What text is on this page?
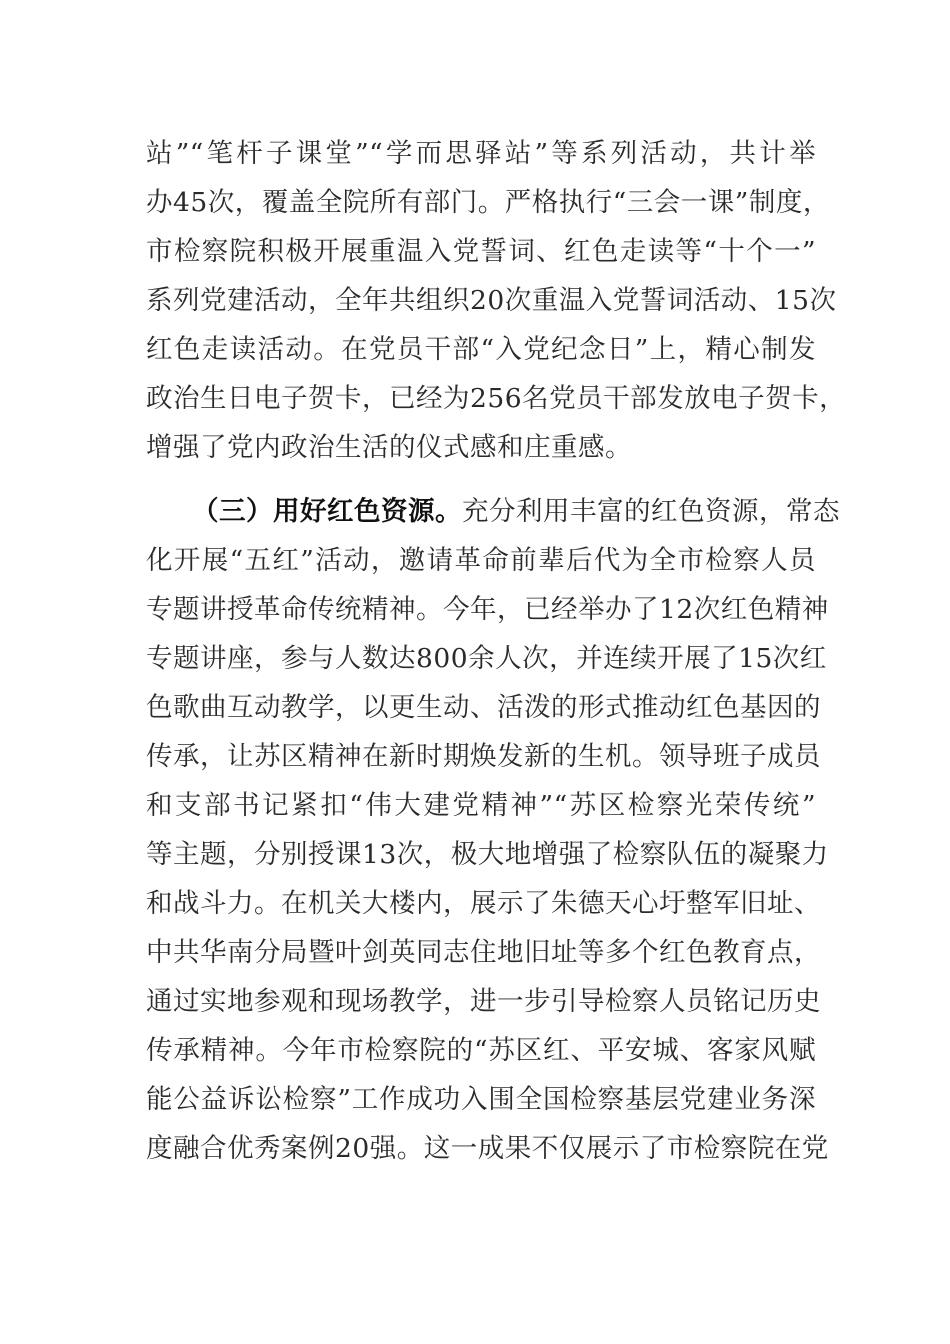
站”“笔杆子课堂”“学而思驿站”等系列活动，共计举
办45次，覆盖全院所有部门。严格执行“三会一课”制度，
市检察院积极开展重温入党誓词、红色走读等“十个一”
系列党建活动，全年共组织20次重温入党誓词活动、15次
红色走读活动。在党员干部“入党纪念日”上，精心制发
政治生日电子贺卡，已经为256名党员干部发放电子贺卡，
增强了党内政治生活的仪式感和庄重感。
（三）用好红色资源。充分利用丰富的红色资源，常态
化开展“五红”活动，邀请革命前辈后代为全市检察人员
专题讲授革命传统精神。今年，已经举办了12次红色精神
专题讲座，参与人数达800余人次，并连续开展了15次红
色歌曲互动教学，以更生动、活泼的形式推动红色基因的
传承，让苏区精神在新时期焕发新的生机。领导班子成员
和支部书记紧扣“伟大建党精神”“苏区检察光荣传统”
等主题，分别授课13次，极大地增强了检察队伍的凝聚力
和战斗力。在机关大楼内，展示了朱德天心圩整军旧址、
中共华南分局暨叶剑英同志住地旧址等多个红色教育点，
通过实地参观和现场教学，进一步引导检察人员铭记历史
传承精神。今年市检察院的“苏区红、平安城、客家风赋
能公益诉讼检察”工作成功入围全国检察基层党建业务深
度融合优秀案例20强。这一成果不仅展示了市检察院在党
